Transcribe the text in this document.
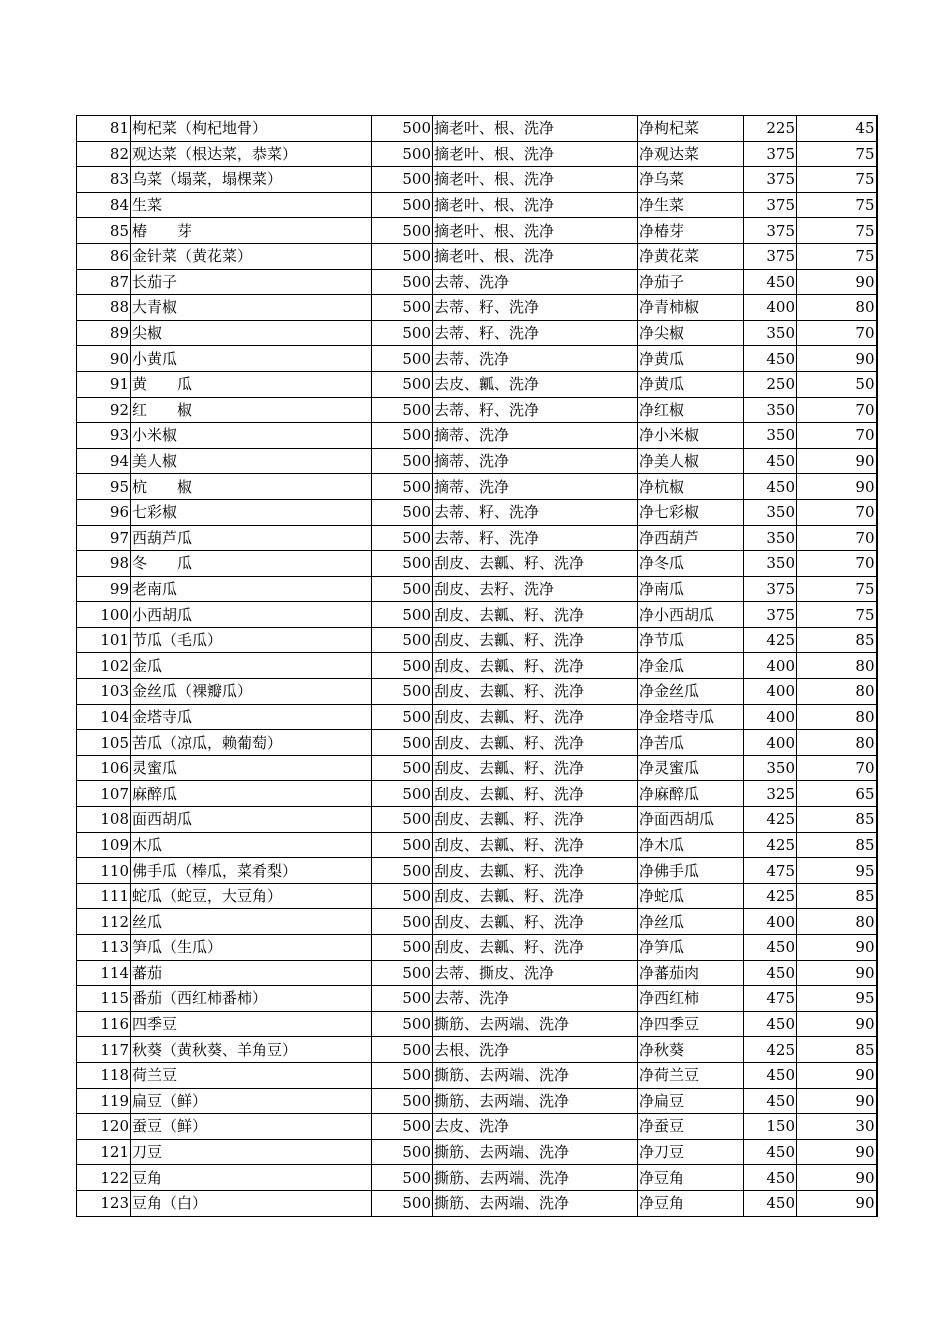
81	枸杞菜（枸杞地骨）	500	摘老叶、根、洗净	净枸杞菜	225	45
82	观达菜（根达菜，恭菜）	500	摘老叶、根、洗净	净观达菜	375	75
83	乌菜（塌菜，塌棵菜）	500	摘老叶、根、洗净	净乌菜	375	75
84	生菜	500	摘老叶、根、洗净	净生菜	375	75
85	椿　　芽	500	摘老叶、根、洗净	净椿芽	375	75
86	金针菜（黄花菜）	500	摘老叶、根、洗净	净黄花菜	375	75
87	长茄子	500	去蒂、洗净	净茄子	450	90
88	大青椒	500	去蒂、籽、洗净	净青柿椒	400	80
89	尖椒	500	去蒂、籽、洗净	净尖椒	350	70
90	小黄瓜	500	去蒂、洗净	净黄瓜	450	90
91	黄　　瓜	500	去皮、瓤、洗净	净黄瓜	250	50
92	红　　椒	500	去蒂、籽、洗净	净红椒	350	70
93	小米椒	500	摘蒂、洗净	净小米椒	350	70
94	美人椒	500	摘蒂、洗净	净美人椒	450	90
95	杭　　椒	500	摘蒂、洗净	净杭椒	450	90
96	七彩椒	500	去蒂、籽、洗净	净七彩椒	350	70
97	西葫芦瓜	500	去蒂、籽、洗净	净西葫芦	350	70
98	冬　　瓜	500	刮皮、去瓤、籽、洗净	净冬瓜	350	70
99	老南瓜	500	刮皮、去籽、洗净	净南瓜	375	75
100	小西胡瓜	500	刮皮、去瓤、籽、洗净	净小西胡瓜	375	75
101	节瓜（毛瓜）	500	刮皮、去瓤、籽、洗净	净节瓜	425	85
102	金瓜	500	刮皮、去瓤、籽、洗净	净金瓜	400	80
103	金丝瓜（裸瓣瓜）	500	刮皮、去瓤、籽、洗净	净金丝瓜	400	80
104	金塔寺瓜	500	刮皮、去瓤、籽、洗净	净金塔寺瓜	400	80
105	苦瓜（凉瓜，赖葡萄）	500	刮皮、去瓤、籽、洗净	净苦瓜	400	80
106	灵蜜瓜	500	刮皮、去瓤、籽、洗净	净灵蜜瓜	350	70
107	麻醉瓜	500	刮皮、去瓤、籽、洗净	净麻醉瓜	325	65
108	面西胡瓜	500	刮皮、去瓤、籽、洗净	净面西胡瓜	425	85
109	木瓜	500	刮皮、去瓤、籽、洗净	净木瓜	425	85
110	佛手瓜（棒瓜，菜肴梨）	500	刮皮、去瓤、籽、洗净	净佛手瓜	475	95
111	蛇瓜（蛇豆，大豆角）	500	刮皮、去瓤、籽、洗净	净蛇瓜	425	85
112	丝瓜	500	刮皮、去瓤、籽、洗净	净丝瓜	400	80
113	笋瓜（生瓜）	500	刮皮、去瓤、籽、洗净	净笋瓜	450	90
114	蕃茄	500	去蒂、撕皮、洗净	净蕃茄肉	450	90
115	番茄（西红柿番柿）	500	去蒂、洗净	净西红柿	475	95
116	四季豆	500	撕筋、去两端、洗净	净四季豆	450	90
117	秋葵（黄秋葵、羊角豆）	500	去根、洗净	净秋葵	425	85
118	荷兰豆	500	撕筋、去两端、洗净	净荷兰豆	450	90
119	扁豆（鲜）	500	撕筋、去两端、洗净	净扁豆	450	90
120	蚕豆（鲜）	500	去皮、洗净	净蚕豆	150	30
121	刀豆	500	撕筋、去两端、洗净	净刀豆	450	90
122	豆角	500	撕筋、去两端、洗净	净豆角	450	90
123	豆角（白）	500	撕筋、去两端、洗净	净豆角	450	90
